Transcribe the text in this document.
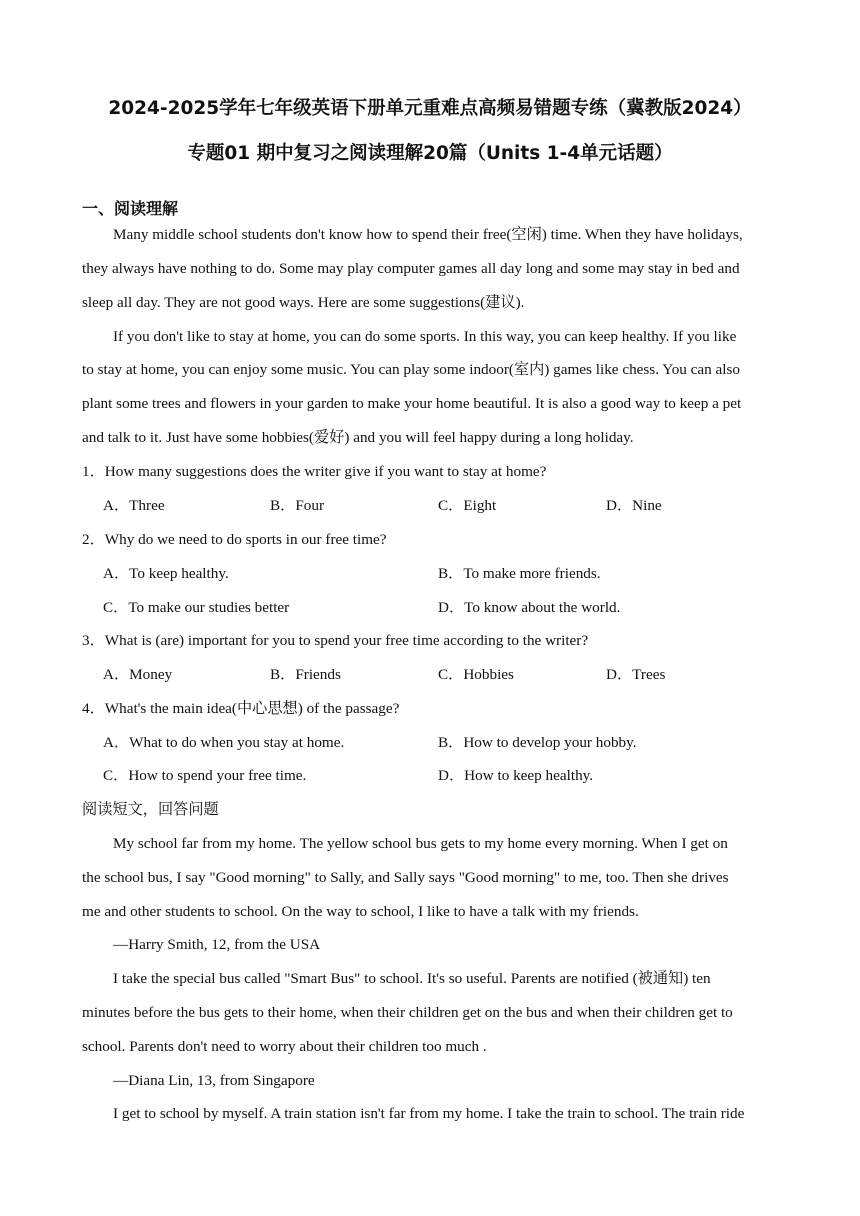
2024-2025学年七年级英语下册单元重难点高频易错题专练（冀教版2024）
专题01 期中复习之阅读理解20篇（Units 1-4单元话题）
一、阅读理解
Many middle school students don't know how to spend their free(空闲) time. When they have holidays,
they always have nothing to do. Some may play computer games all day long and some may stay in bed and
sleep all day. They are not good ways. Here are some suggestions(建议).
If you don't like to stay at home, you can do some sports. In this way, you can keep healthy. If you like
to stay at home, you can enjoy some music. You can play some indoor(室内) games like chess. You can also
plant some trees and flowers in your garden to make your home beautiful. It is also a good way to keep a pet
and talk to it. Just have some hobbies(爱好) and you will feel happy during a long holiday.
1．How many suggestions does the writer give if you want to stay at home?
A．Three	B．Four	C．Eight	D．Nine
2．Why do we need to do sports in our free time?
A．To keep healthy.	B．To make more friends.
C．To make our studies better	D．To know about the world.
3．What is (are) important for you to spend your free time according to the writer?
A．Money	B．Friends	C．Hobbies	D．Trees
4．What's the main idea(中心思想) of the passage?
A．What to do when you stay at home.	B．How to develop your hobby.
C．How to spend your free time.	D．How to keep healthy.
阅读短文，回答问题
My school far from my home. The yellow school bus gets to my home every morning. When I get on
the school bus, I say "Good morning" to Sally, and Sally says "Good morning" to me, too. Then she drives
me and other students to school. On the way to school, I like to have a talk with my friends.
—Harry Smith, 12, from the USA
I take the special bus called "Smart Bus" to school. It's so useful. Parents are notified (被通知) ten
minutes before the bus gets to their home, when their children get on the bus and when their children get to
school. Parents don't need to worry about their children too much .
—Diana Lin, 13, from Singapore
I get to school by myself. A train station isn't far from my home. I take the train to school. The train ride
